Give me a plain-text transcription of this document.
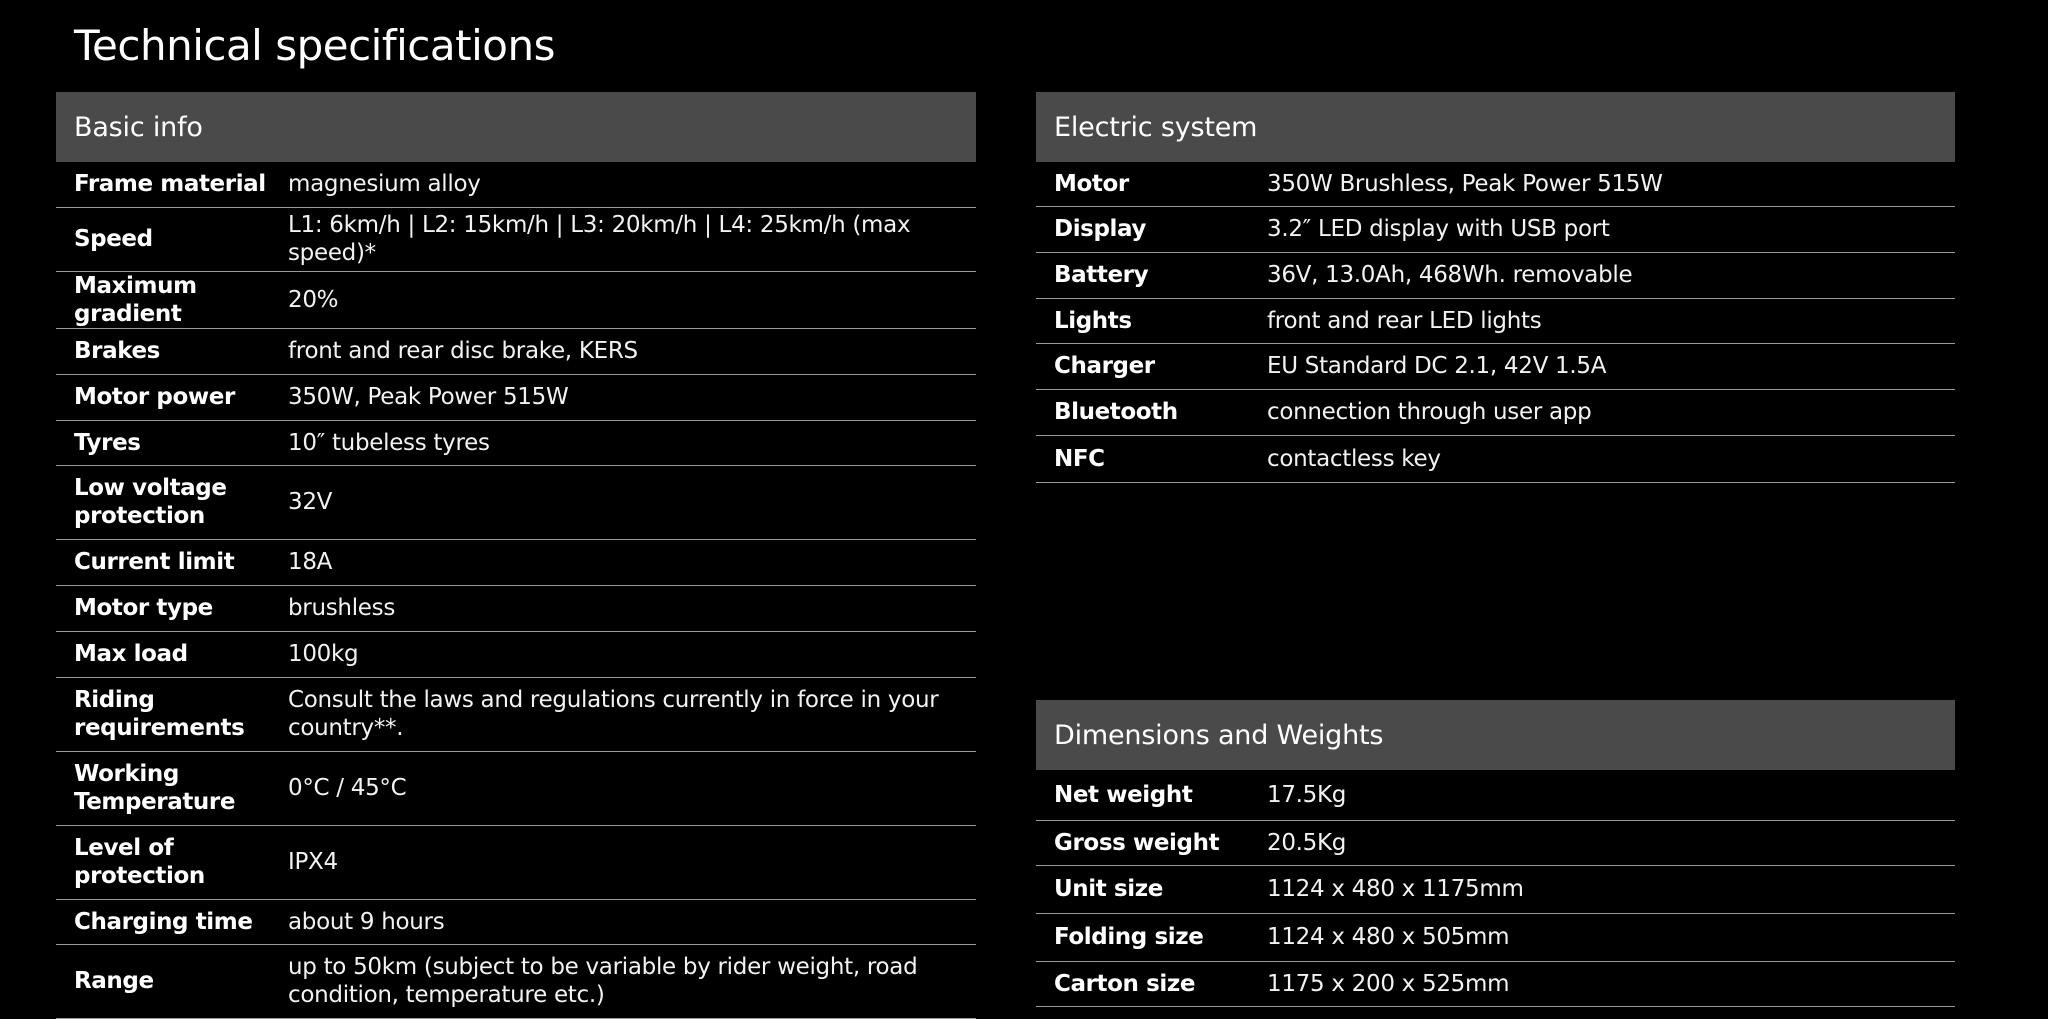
Technical specifications
Basic info
Frame material	magnesium alloy
Speed	L1: 6km/h | L2: 15km/h | L3: 20km/h | L4: 25km/h (max speed)*
Maximum gradient	20%
Brakes	front and rear disc brake, KERS
Motor power	350W, Peak Power 515W
Tyres	10″ tubeless tyres
Low voltage protection	32V
Current limit	18A
Motor type	brushless
Max load	100kg
Riding requirements	Consult the laws and regulations currently in force in your country**.
Working Temperature	0°C / 45°C
Level of protection	IPX4
Charging time	about 9 hours
Range	up to 50km (subject to be variable by rider weight, road condition, temperature etc.)
Electric system
Motor	350W Brushless, Peak Power 515W
Display	3.2″ LED display with USB port
Battery	36V, 13.0Ah, 468Wh. removable
Lights	front and rear LED lights
Charger	EU Standard DC 2.1, 42V 1.5A
Bluetooth	connection through user app
NFC	contactless key
Dimensions and Weights
Net weight	17.5Kg
Gross weight	20.5Kg
Unit size	1124 x 480 x 1175mm
Folding size	1124 x 480 x 505mm
Carton size	1175 x 200 x 525mm
